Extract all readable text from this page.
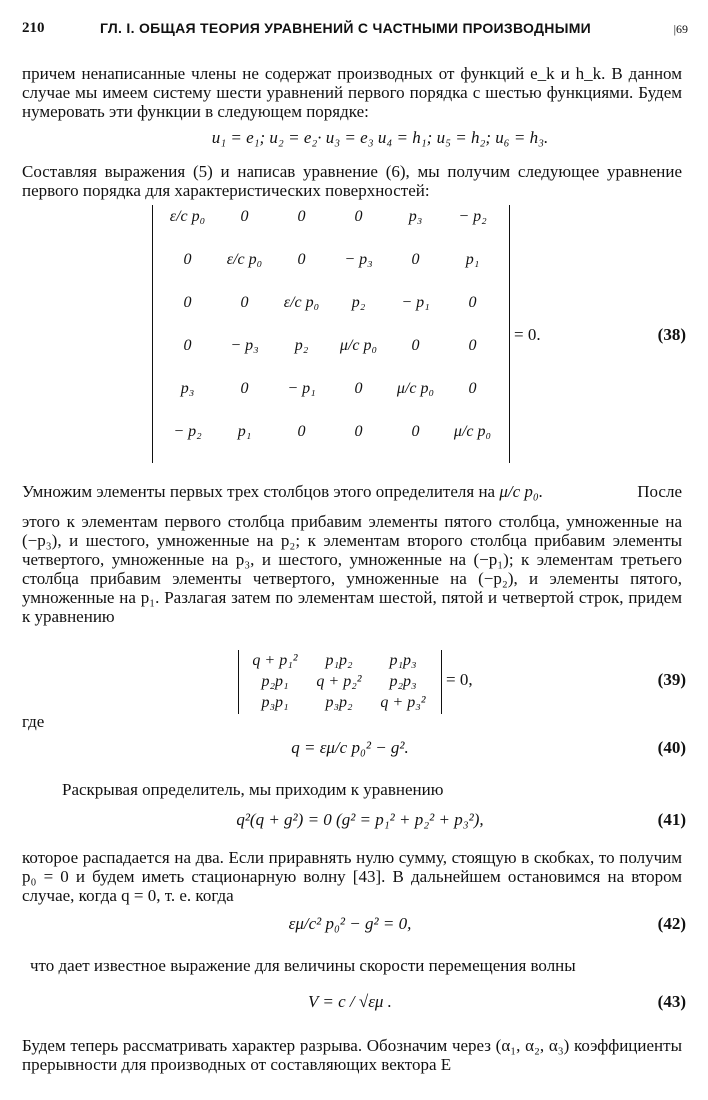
210	ГЛ. I. ОБЩАЯ ТЕОРИЯ УРАВНЕНИЙ С ЧАСТНЫМИ ПРОИЗВОДНЫМИ	|69

причем ненаписанные члены не содержат производных от функций e_k и h_k. В данном случае мы имеем систему шести уравнений первого порядка с шестью функциями. Будем нумеровать эти функции в следующем порядке:

u₁ = e₁; u₂ = e₂· u₃ = e₃ u₄ = h₁; u₅ = h₂; u₆ = h₃.

Составляя выражения (5) и написав уравнение (6), мы получим следующее уравнение первого порядка для характеристических поверхностей:

ε/c p₀	0	0	0	p₃	− p₂
0	ε/c p₀	0	− p₃	0	p₁
0	0	ε/c p₀	p₂	− p₁	0
0	− p₃	p₂	μ/c p₀	0	0
p₃	0	− p₁	0	μ/c p₀	0
− p₂	p₁	0	0	0	μ/c p₀
= 0.	(38)
Умножим элементы первых трех столбцов этого определителя на μ/c p₀.	После

этого к элементам первого столбца прибавим элементы пятого столбца, умноженные на (−p₃), и шестого, умноженные на p₂; к элементам второго столбца прибавим элементы четвертого, умноженные на p₃, и шестого, умноженные на (−p₁); к элементам третьего столбца прибавим элементы четвертого, умноженные на (−p₂), и элементы пятого, умноженные на p₁. Разлагая затем по элементам шестой, пятой и четвертой строк, придем к уравнению

q + p₁²	p₁p₂	p₁p₃
p₂p₁	q + p₂²	p₂p₃
p₃p₁	p₃p₂	q + p₃²
= 0,	(39)
где
q = εμ/c p₀² − g².	(40)
Раскрывая определитель, мы приходим к уравнению
q²(q + g²) = 0 (g² = p₁² + p₂² + p₃²),	(41)

которое распадается на два. Если приравнять нулю сумму, стоящую в скобках, то получим p₀ = 0 и будем иметь стационарную волну [43]. В дальнейшем остановимся на втором случае, когда q = 0, т. е. когда

εμ/c² p₀² − g² = 0,	(42)
что дает известное выражение для величины скорости перемещения волны
V = c / √εμ .	(43)

Будем теперь рассматривать характер разрыва. Обозначим через (α₁, α₂, α₃) коэффициенты прерывности для производных от составляющих вектора E
